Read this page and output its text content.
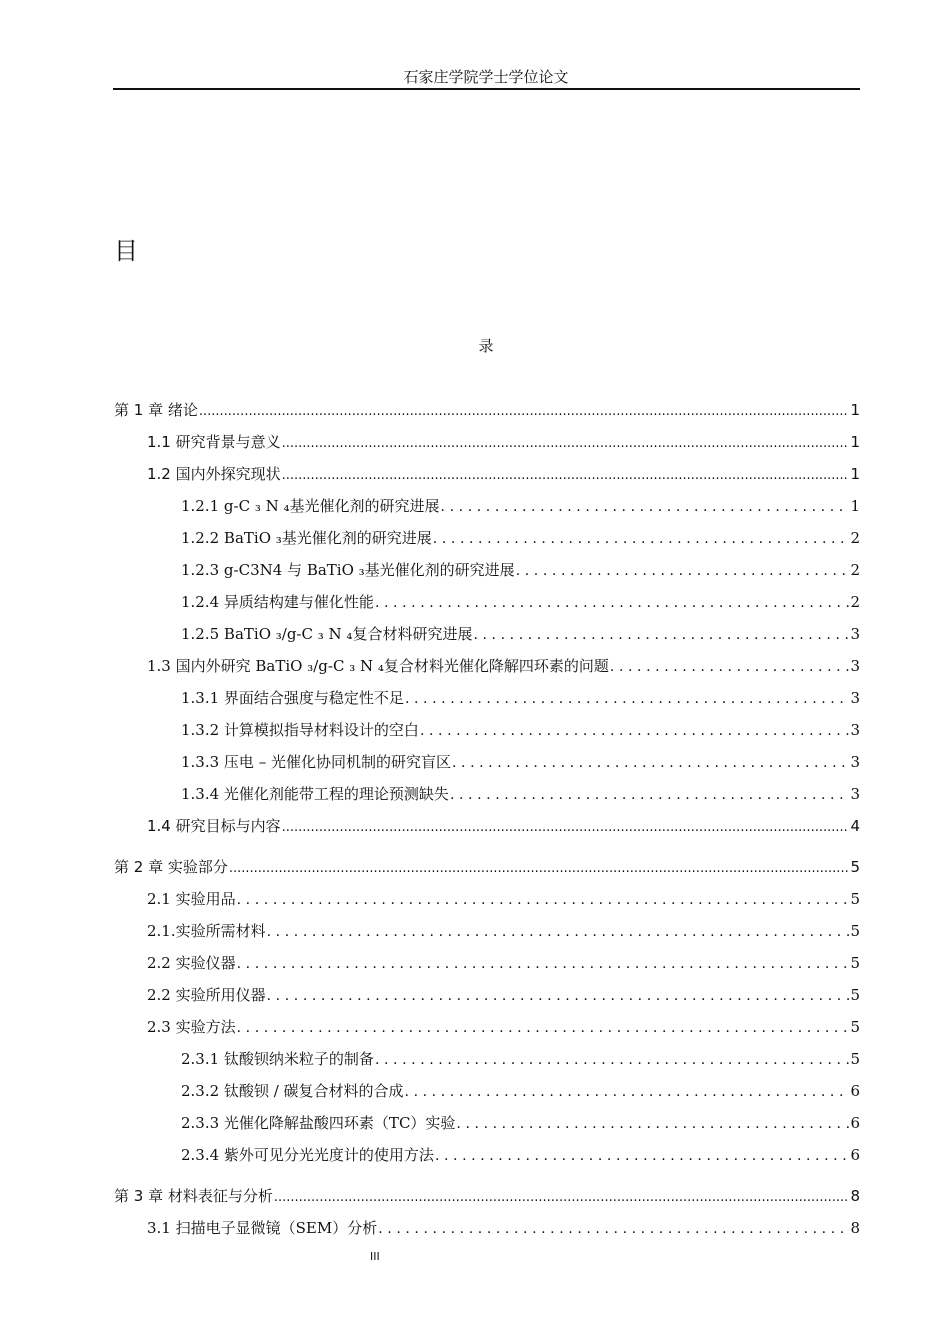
石家庄学院学士学位论文
目
录
第 1 章 绪论 .....	1
1.1 研究背景与意义 .....	1
1.2 国内外探究现状 .....	1
1.2.1 g-C ₃ N ₄基光催化剂的研究进展 .....	1
1.2.2 BaTiO ₃基光催化剂的研究进展 .....	2
1.2.3 g-C3N4 与 BaTiO ₃基光催化剂的研究进展 .....	2
1.2.4 异质结构建与催化性能 .....	2
1.2.5 BaTiO ₃/g-C ₃ N ₄复合材料研究进展 .....	3
1.3 国内外研究 BaTiO ₃/g-C ₃ N ₄复合材料光催化降解四环素的问题 .....	3
1.3.1 界面结合强度与稳定性不足 .....	3
1.3.2 计算模拟指导材料设计的空白 .....	3
1.3.3 压电 – 光催化协同机制的研究盲区 .....	3
1.3.4 光催化剂能带工程的理论预测缺失 .....	3
1.4 研究目标与内容 .....	4
第 2 章 实验部分 .....	5
2.1 实验用品 .....	5
2.1.实验所需材料 .....	5
2.2 实验仪器 .....	5
2.2 实验所用仪器 .....	5
2.3 实验方法 .....	5
2.3.1 钛酸钡纳米粒子的制备 .....	5
2.3.2 钛酸钡 / 碳复合材料的合成 .....	6
2.3.3 光催化降解盐酸四环素（TC）实验 .....	6
2.3.4 紫外可见分光光度计的使用方法 .....	6
第 3 章 材料表征与分析 .....	8
3.1 扫描电子显微镜（SEM）分析 .....	8
III
